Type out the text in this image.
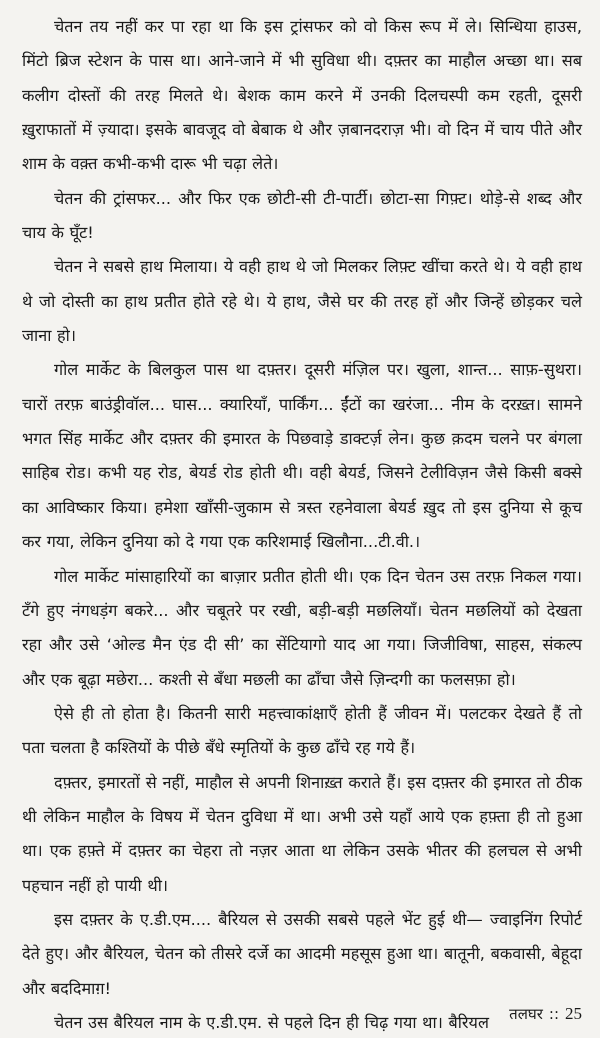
चेतन तय नहीं कर पा रहा था कि इस ट्रांसफर को वो किस रूप में ले। सिन्धिया हाउस, मिंटो ब्रिज स्टेशन के पास था। आने-जाने में भी सुविधा थी। दफ़्तर का माहौल अच्छा था। सब कलीग दोस्तों की तरह मिलते थे। बेशक काम करने में उनकी दिलचस्पी कम रहती, दूसरी ख़ुराफातों में ज़्यादा। इसके बावजूद वो बेबाक थे और ज़बानदराज़ भी। वो दिन में चाय पीते और शाम के वक़्त कभी-कभी दारू भी चढ़ा लेते।

चेतन की ट्रांसफर... और फिर एक छोटी-सी टी-पार्टी। छोटा-सा गिफ़्ट। थोड़े-से शब्द और चाय के घूँट!

चेतन ने सबसे हाथ मिलाया। ये वही हाथ थे जो मिलकर लिफ़्ट खींचा करते थे। ये वही हाथ थे जो दोस्ती का हाथ प्रतीत होते रहे थे। ये हाथ, जैसे घर की तरह हों और जिन्हें छोड़कर चले जाना हो।

गोल मार्केट के बिलकुल पास था दफ़्तर। दूसरी मंज़िल पर। खुला, शान्त... साफ़-सुथरा। चारों तरफ़ बाउंड्रीवॉल... घास... क्यारियाँ, पार्किंग... ईंटों का खरंजा... नीम के दरख़्त। सामने भगत सिंह मार्केट और दफ़्तर की इमारत के पिछवाड़े डाक्टर्ज़ लेन। कुछ क़दम चलने पर बंगला साहिब रोड। कभी यह रोड, बेयर्ड रोड होती थी। वही बेयर्ड, जिसने टेलीविज़न जैसे किसी बक्से का आविष्कार किया। हमेशा खाँसी-जुकाम से त्रस्त रहनेवाला बेयर्ड ख़ुद तो इस दुनिया से कूच कर गया, लेकिन दुनिया को दे गया एक करिशमाई खिलौना...टी.वी.।

गोल मार्केट मांसाहारियों का बाज़ार प्रतीत होती थी। एक दिन चेतन उस तरफ़ निकल गया। टँगे हुए नंगधड़ंग बकरे... और चबूतरे पर रखी, बड़ी-बड़ी मछलियाँ। चेतन मछलियों को देखता रहा और उसे ‘ओल्ड मैन एंड दी सी’ का सेंटियागो याद आ गया। जिजीविषा, साहस, संकल्प और एक बूढ़ा मछेरा... कश्ती से बँधा मछली का ढाँचा जैसे ज़िन्दगी का फलसफ़ा हो।

ऐसे ही तो होता है। कितनी सारी महत्त्वाकांक्षाएँ होती हैं जीवन में। पलटकर देखते हैं तो पता चलता है कश्तियों के पीछे बँधे स्मृतियों के कुछ ढाँचे रह गये हैं।

दफ़्तर, इमारतों से नहीं, माहौल से अपनी शिनाख़्त कराते हैं। इस दफ़्तर की इमारत तो ठीक थी लेकिन माहौल के विषय में चेतन दुविधा में था। अभी उसे यहाँ आये एक हफ़्ता ही तो हुआ था। एक हफ़्ते में दफ़्तर का चेहरा तो नज़र आता था लेकिन उसके भीतर की हलचल से अभी पहचान नहीं हो पायी थी।

इस दफ़्तर के ए.डी.एम.... बैरियल से उसकी सबसे पहले भेंट हुई थी— ज्वाइनिंग रिपोर्ट देते हुए। और बैरियल, चेतन को तीसरे दर्जे का आदमी महसूस हुआ था। बातूनी, बकवासी, बेहूदा और बददिमाग़!

चेतन उस बैरियल नाम के ए.डी.एम. से पहले दिन ही चिढ़ गया था। बैरियल	तलघर :: 25
